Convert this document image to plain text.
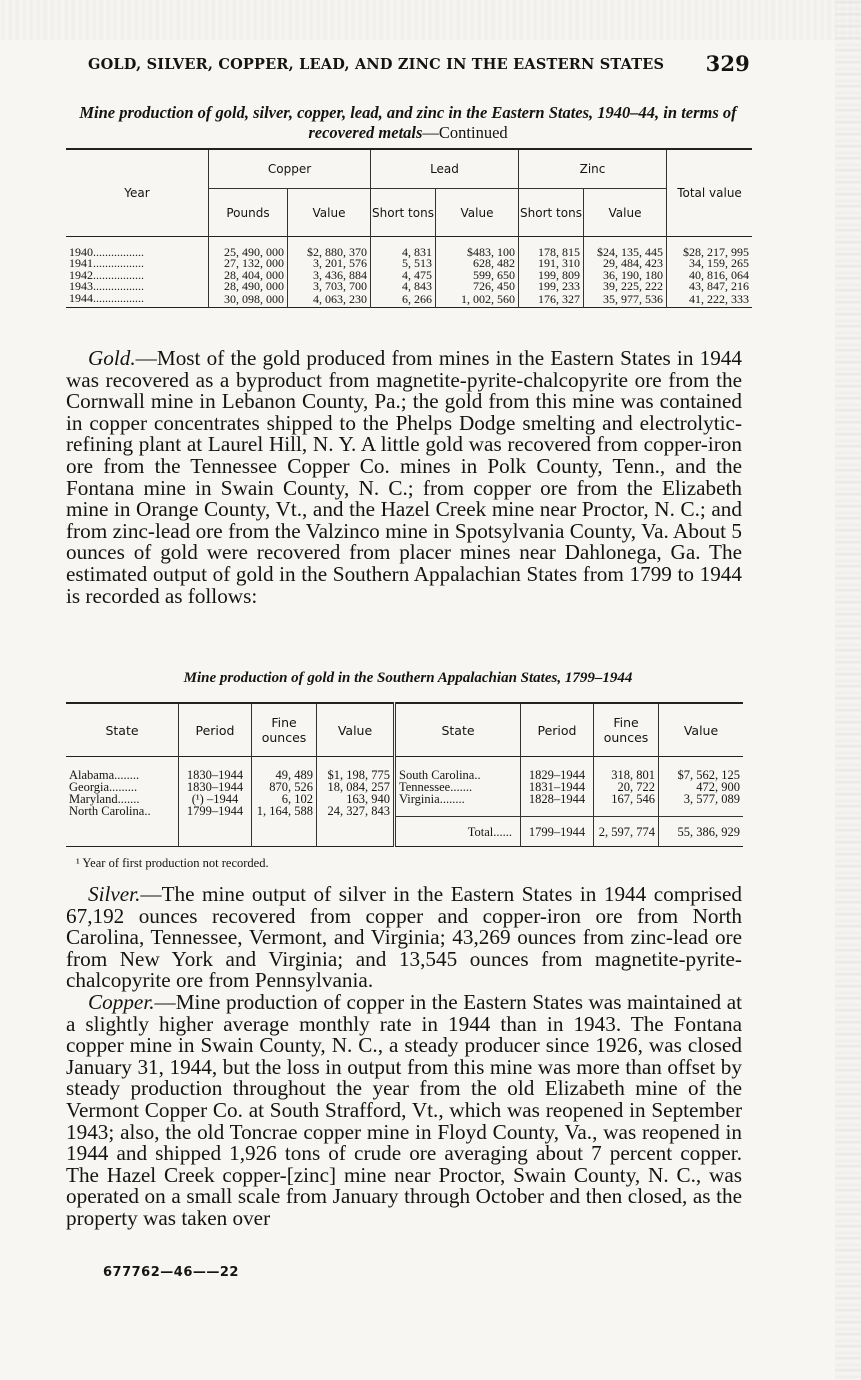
GOLD, SILVER, COPPER, LEAD, AND ZINC IN THE EASTERN STATES 329
Mine production of gold, silver, copper, lead, and zinc in the Eastern States, 1940–44, in terms of recovered metals—Continued
Year	Copper		Lead		Zinc		Total value
	Pounds	Value	Short tons	Value	Short tons	Value	

1940.................	25, 490, 000	$2, 880, 370	4, 831	$483, 100	178, 815	$24, 135, 445	$28, 217, 995
1941.................	27, 132, 000	3, 201, 576	5, 513	628, 482	191, 310	29, 484, 423	34, 159, 265
1942.................	28, 404, 000	3, 436, 884	4, 475	599, 650	199, 809	36, 190, 180	40, 816, 064
1943.................	28, 490, 000	3, 703, 700	4, 843	726, 450	199, 233	39, 225, 222	43, 847, 216
1944.................	30, 098, 000	4, 063, 230	6, 266	1, 002, 560	176, 327	35, 977, 536	41, 222, 333

Gold.—Most of the gold produced from mines in the Eastern States in 1944 was recovered as a byproduct from magnetite-pyrite-chalcopyrite ore from the Cornwall mine in Lebanon County, Pa.; the gold from this mine was contained in copper concentrates shipped to the Phelps Dodge smelting and electrolytic-refining plant at Laurel Hill, N. Y. A little gold was recovered from copper-iron ore from the Tennessee Copper Co. mines in Polk County, Tenn., and the Fontana mine in Swain County, N. C.; from copper ore from the Elizabeth mine in Orange County, Vt., and the Hazel Creek mine near Proctor, N. C.; and from zinc-lead ore from the Valzinco mine in Spotsylvania County, Va. About 5 ounces of gold were recovered from placer mines near Dahlonega, Ga. The estimated output of gold in the Southern Appalachian States from 1799 to 1944 is recorded as follows:

Mine production of gold in the Southern Appalachian States, 1799–1944
State	Period	Fine ounces	Value	State	Period	Fine ounces	Value

Alabama........	1830–1944	49, 489	$1, 198, 775	South Carolina..	1829–1944	318, 801	$7, 562, 125
Georgia.........	1830–1944	870, 526	18, 084, 257	Tennessee.......	1831–1944	20, 722	472, 900
Maryland.......	(¹) –1944	6, 102	163, 940	Virginia........	1828–1944	167, 546	3, 577, 089
North Carolina..	1799–1944	1, 164, 588	24, 327, 843				
				Total......	1799–1944	2, 597, 774	55, 386, 929
¹ Year of first production not recorded.

Silver.—The mine output of silver in the Eastern States in 1944 comprised 67,192 ounces recovered from copper and copper-iron ore from North Carolina, Tennessee, Vermont, and Virginia; 43,269 ounces from zinc-lead ore from New York and Virginia; and 13,545 ounces from magnetite-pyrite-chalcopyrite ore from Pennsylvania.

Copper.—Mine production of copper in the Eastern States was maintained at a slightly higher average monthly rate in 1944 than in 1943. The Fontana copper mine in Swain County, N. C., a steady producer since 1926, was closed January 31, 1944, but the loss in output from this mine was more than offset by steady production throughout the year from the old Elizabeth mine of the Vermont Copper Co. at South Strafford, Vt., which was reopened in September 1943; also, the old Toncrae copper mine in Floyd County, Va., was reopened in 1944 and shipped 1,926 tons of crude ore averaging about 7 percent copper. The Hazel Creek copper-[zinc] mine near Proctor, Swain County, N. C., was operated on a small scale from January through October and then closed, as the property was taken over

677762—46——22
